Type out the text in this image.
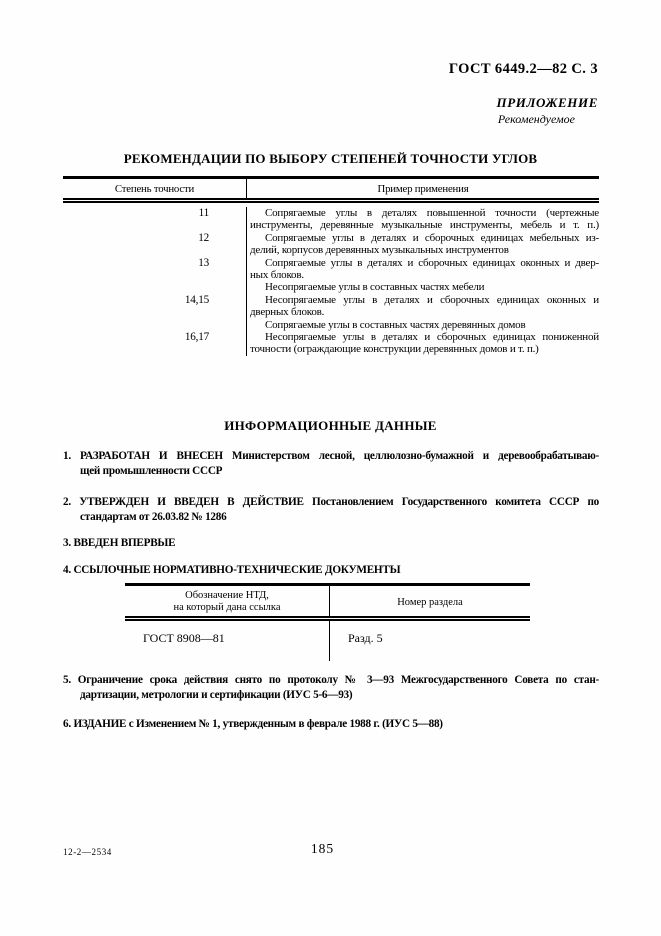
ГОСТ 6449.2—82 С. 3
ПРИЛОЖЕНИЕ
Рекомендуемое
РЕКОМЕНДАЦИИ ПО ВЫБОРУ СТЕПЕНЕЙ ТОЧНОСТИ УГЛОВ
Степень точности	Пример применения
11	Сопрягаемые углы в деталях повышенной точности (чертежные
инструменты, деревянные музыкальные инструменты, мебель и т. п.)
12	Сопрягаемые углы в деталях и сборочных единицах мебельных из-
делий, корпусов деревянных музыкальных инструментов
13	Сопрягаемые углы в деталях и сборочных единицах оконных и двер-
ных блоков.
Несопрягаемые углы в составных частях мебели
14,15	Несопрягаемые углы в деталях и сборочных единицах оконных и
дверных блоков.
Сопрягаемые углы в составных частях деревянных домов
16,17	Несопрягаемые углы в деталях и сборочных единицах пониженной
точности (ограждающие конструкции деревянных домов и т. п.)
ИНФОРМАЦИОННЫЕ ДАННЫЕ

1. РАЗРАБОТАН И ВНЕСЕН Министерством лесной, целлюлозно-бумажной и деревообрабатываю-
щей промышленности СССР

2. УТВЕРЖДЕН И ВВЕДЕН В ДЕЙСТВИЕ Постановлением Государственного комитета СССР по
стандартам от 26.03.82 № 1286

3. ВВЕДЕН ВПЕРВЫЕ

4. ССЫЛОЧНЫЕ НОРМАТИВНО-ТЕХНИЧЕСКИЕ ДОКУМЕНТЫ

Обозначение НТД,
на который дана ссылка	Номер раздела
ГОСТ 8908—81	Разд. 5

5. Ограничение срока действия снято по протоколу № 3—93 Межгосударственного Совета по стан-
дартизации, метрологии и сертификации (ИУС 5-6—93)

6. ИЗДАНИЕ с Изменением № 1, утвержденным в феврале 1988 г. (ИУС 5—88)

12-2—2534	185
